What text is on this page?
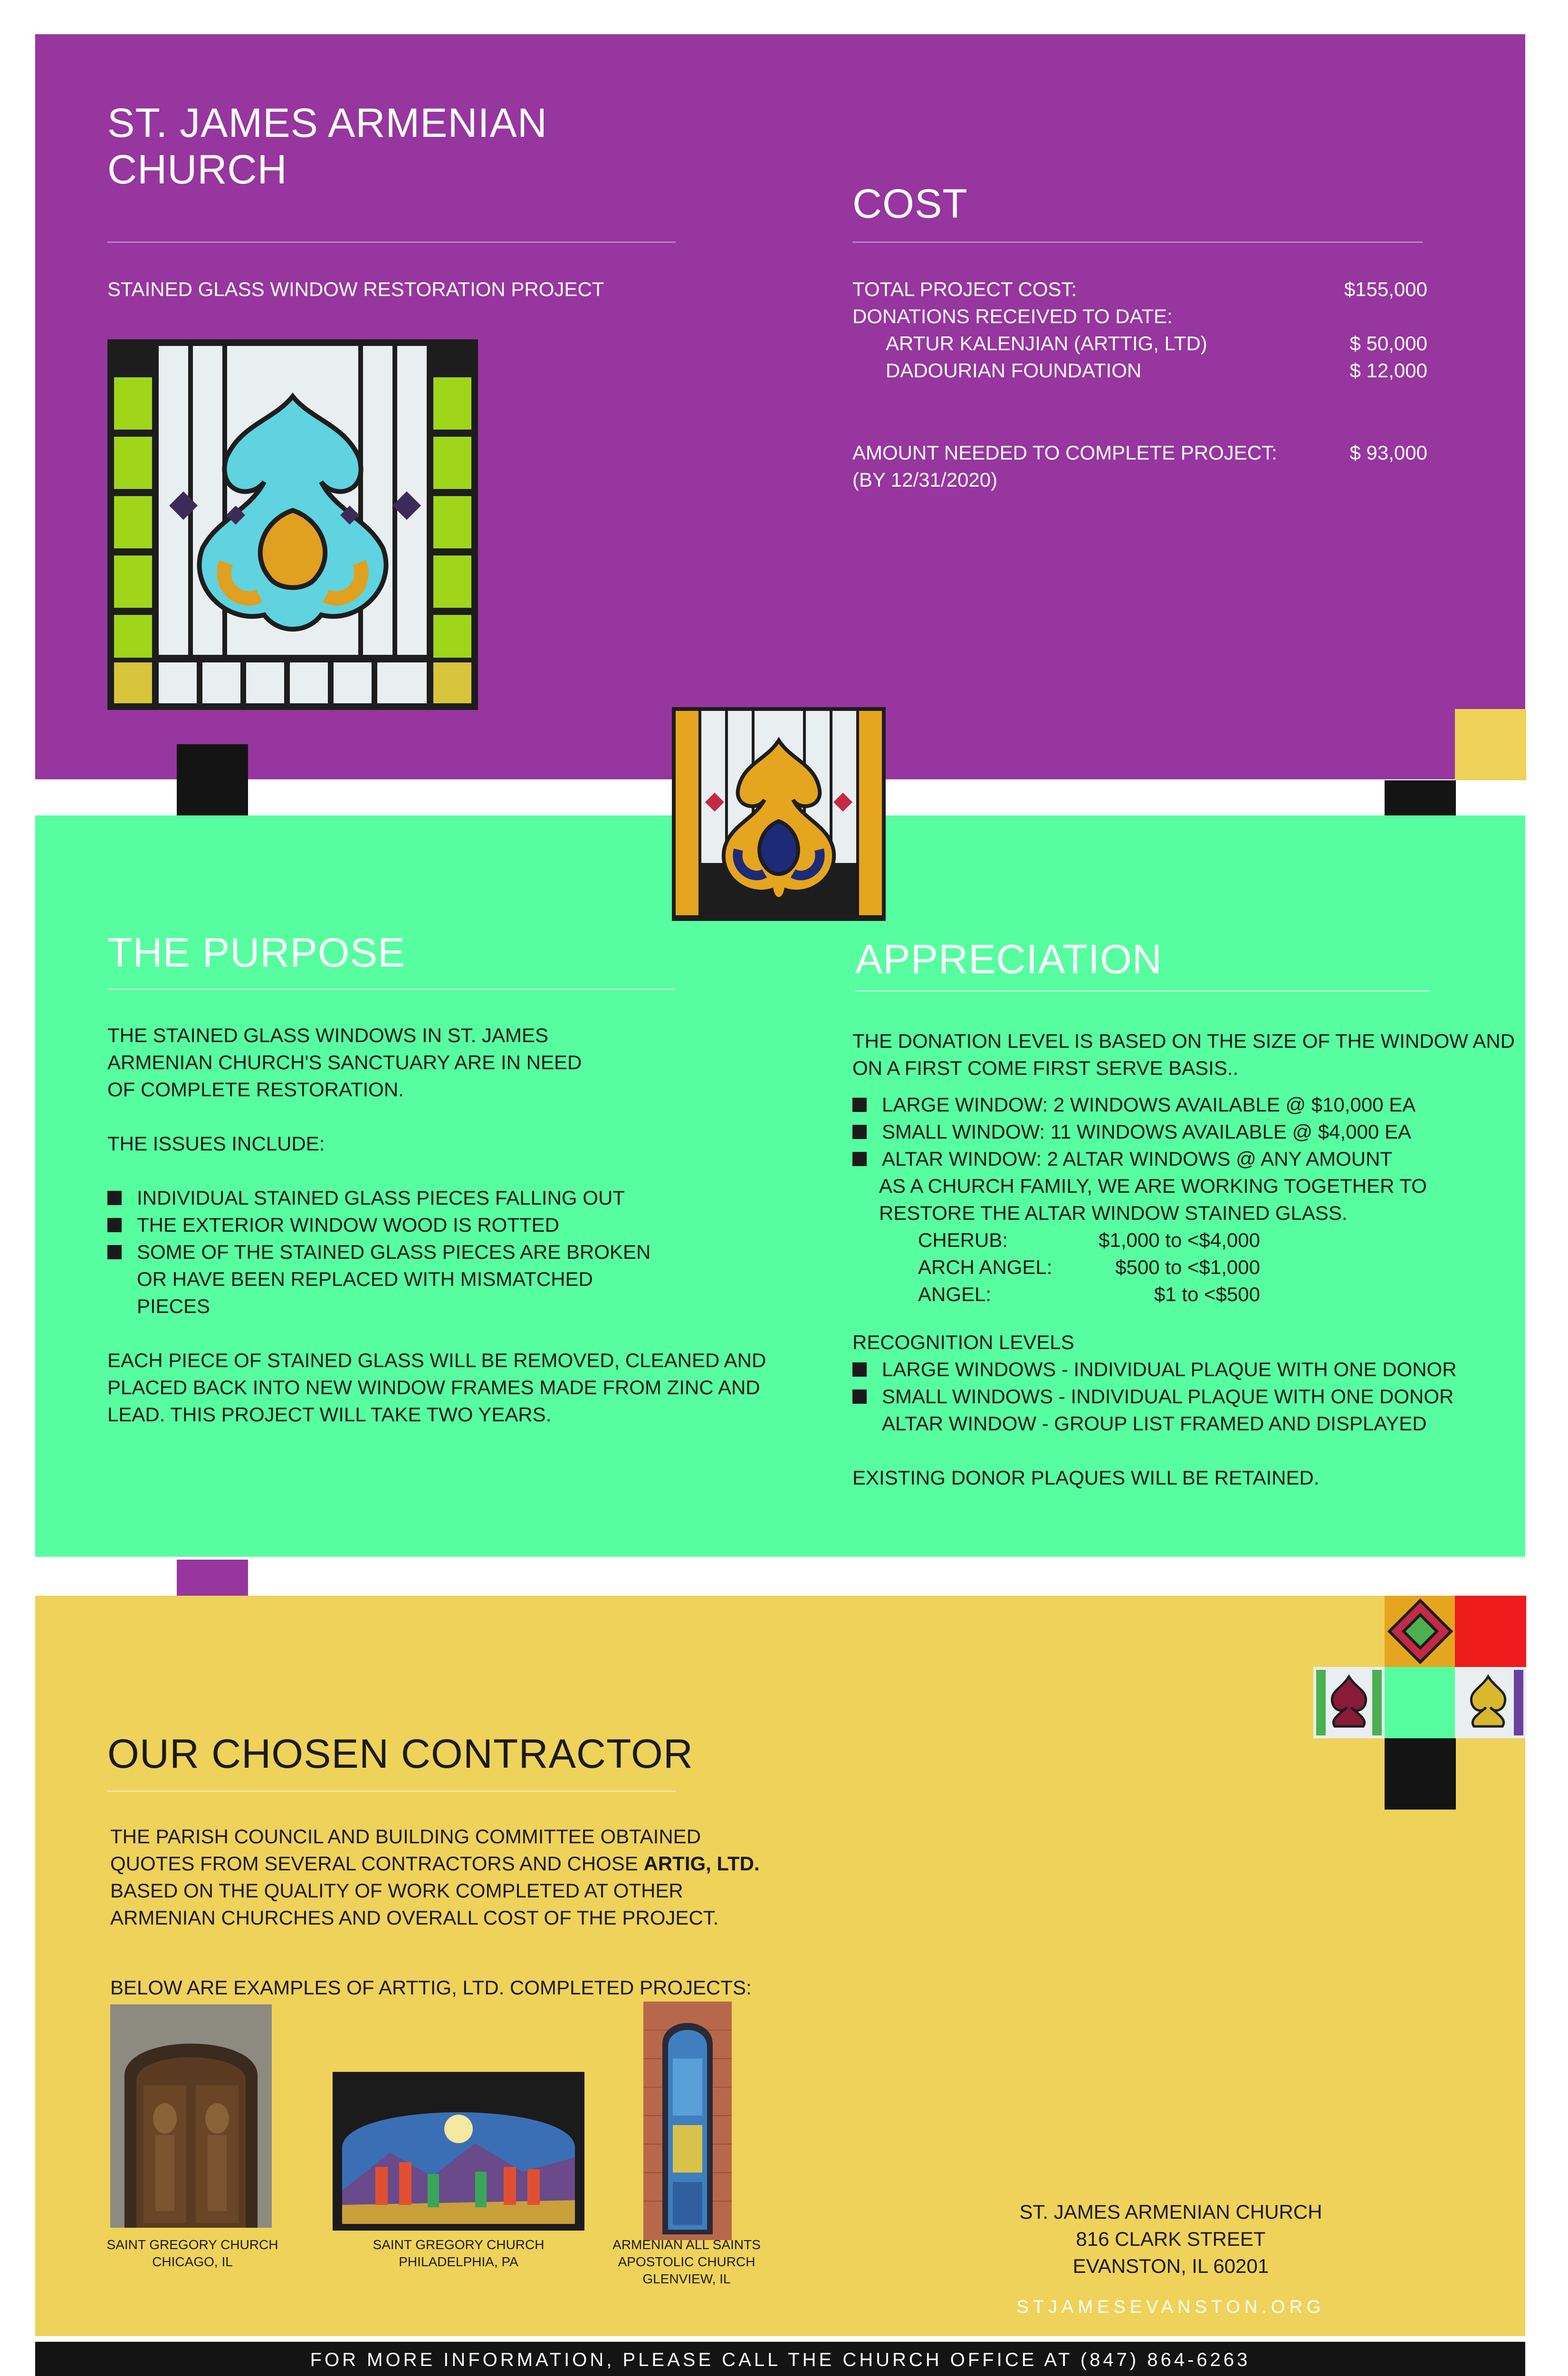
ST. JAMES ARMENIAN CHURCH
STAINED GLASS WINDOW RESTORATION PROJECT
COST
TOTAL PROJECT COST:	$155,000
DONATIONS RECEIVED TO DATE:
ARTUR KALENJIAN (ARTTIG, LTD)	$ 50,000
DADOURIAN FOUNDATION	$ 12,000
AMOUNT NEEDED TO COMPLETE PROJECT:	$ 93,000
(BY 12/31/2020)
THE PURPOSE
THE STAINED GLASS WINDOWS IN ST. JAMES ARMENIAN CHURCH'S SANCTUARY ARE IN NEED OF COMPLETE RESTORATION.
THE ISSUES INCLUDE:
INDIVIDUAL STAINED GLASS PIECES FALLING OUT
THE EXTERIOR WINDOW WOOD IS ROTTED
SOME OF THE STAINED GLASS PIECES ARE BROKEN OR HAVE BEEN REPLACED WITH MISMATCHED PIECES
EACH PIECE OF STAINED GLASS WILL BE REMOVED, CLEANED AND PLACED BACK INTO NEW WINDOW FRAMES MADE FROM ZINC AND LEAD. THIS PROJECT WILL TAKE TWO YEARS.
APPRECIATION
THE DONATION LEVEL IS BASED ON THE SIZE OF THE WINDOW AND ON A FIRST COME FIRST SERVE BASIS..
LARGE WINDOW: 2 WINDOWS AVAILABLE @ $10,000 EA
SMALL WINDOW: 11 WINDOWS AVAILABLE @ $4,000 EA
ALTAR WINDOW: 2 ALTAR WINDOWS @ ANY AMOUNT
AS A CHURCH FAMILY, WE ARE WORKING TOGETHER TO RESTORE THE ALTAR WINDOW STAINED GLASS.
CHERUB:	$1,000 to <$4,000
ARCH ANGEL:	$500 to <$1,000
ANGEL:	$1 to <$500
RECOGNITION LEVELS
LARGE WINDOWS - INDIVIDUAL PLAQUE WITH ONE DONOR
SMALL WINDOWS - INDIVIDUAL PLAQUE WITH ONE DONOR
ALTAR WINDOW - GROUP LIST FRAMED AND DISPLAYED
EXISTING DONOR PLAQUES WILL BE RETAINED.
OUR CHOSEN CONTRACTOR
THE PARISH COUNCIL AND BUILDING COMMITTEE OBTAINED QUOTES FROM SEVERAL CONTRACTORS AND CHOSE ARTIG, LTD. BASED ON THE QUALITY OF WORK COMPLETED AT OTHER ARMENIAN CHURCHES AND OVERALL COST OF THE PROJECT.
BELOW ARE EXAMPLES OF ARTTIG, LTD. COMPLETED PROJECTS:
SAINT GREGORY CHURCH
CHICAGO, IL
SAINT GREGORY CHURCH
PHILADELPHIA, PA
ARMENIAN ALL SAINTS
APOSTOLIC CHURCH
GLENVIEW, IL
ST. JAMES ARMENIAN CHURCH
816 CLARK STREET
EVANSTON, IL 60201
STJAMESEVANSTON.ORG
FOR MORE INFORMATION, PLEASE CALL THE CHURCH OFFICE AT (847) 864-6263
